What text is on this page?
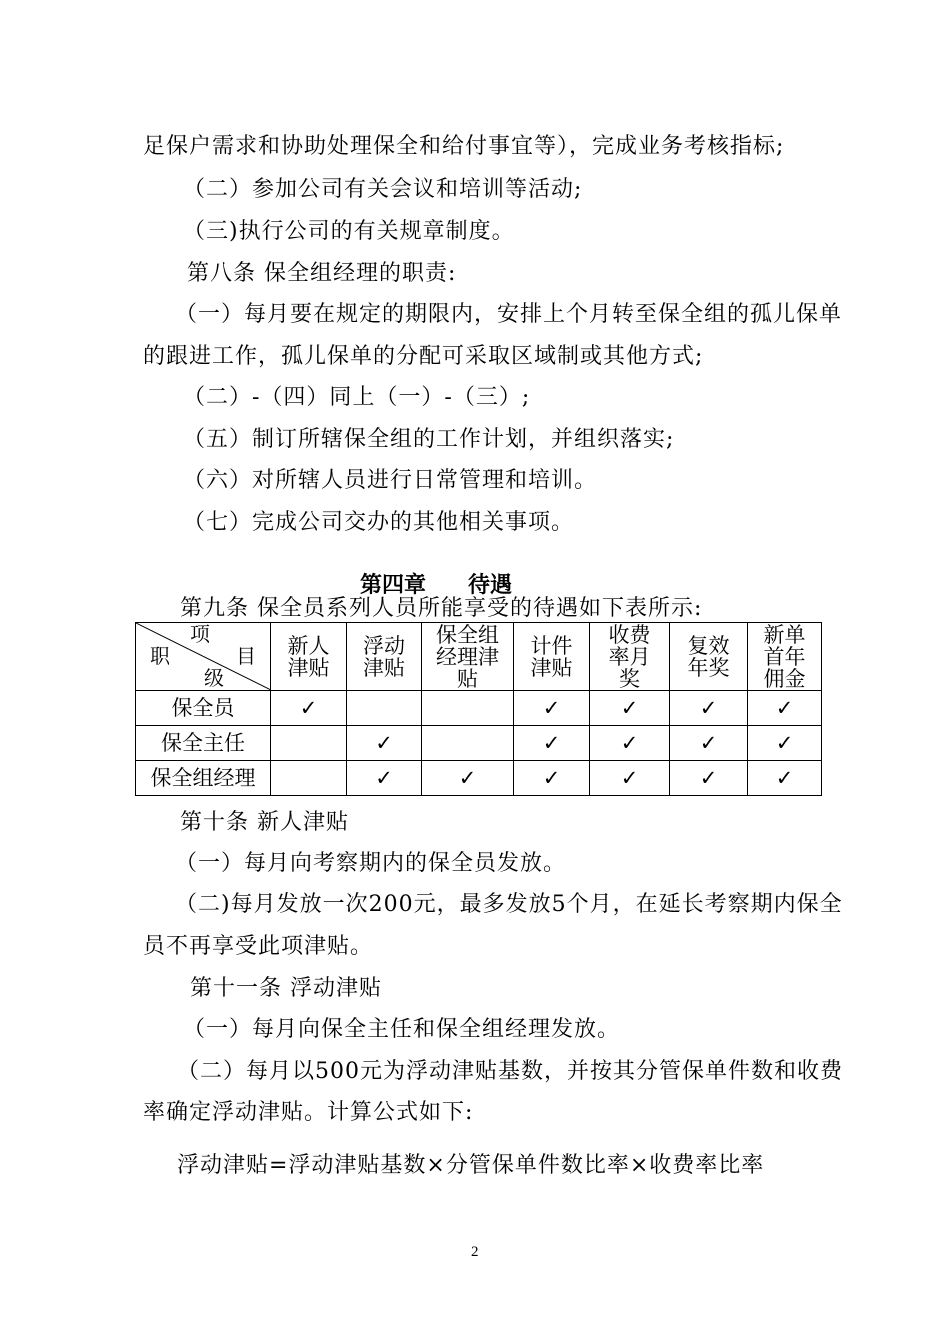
足保户需求和协助处理保全和给付事宜等），完成业务考核指标;
（二）参加公司有关会议和培训等活动;
（三)执行公司的有关规章制度。
第八条 保全组经理的职责:
（一）每月要在规定的期限内，安排上个月转至保全组的孤儿保单
的跟进工作，孤儿保单的分配可采取区域制或其他方式;
（二）-（四）同上（一）-（三）;
（五）制订所辖保全组的工作计划，并组织落实;
（六）对所辖人员进行日常管理和培训。
（七）完成公司交办的其他相关事项。
第四章 待遇
第九条 保全员系列人员所能享受的待遇如下表所示:
项
目
职
级	新人津贴	浮动津贴	保全组经理津贴	计件津贴	收费率月奖	复效年奖	新单首年佣金
保全员	✓			✓	✓	✓	✓
保全主任		✓		✓	✓	✓	✓
保全组经理		✓	✓	✓	✓	✓	✓
第十条 新人津贴
（一）每月向考察期内的保全员发放。
（二)每月发放一次200元，最多发放5个月，在延长考察期内保全
员不再享受此项津贴。
第十一条 浮动津贴
（一）每月向保全主任和保全组经理发放。
（二）每月以500元为浮动津贴基数，并按其分管保单件数和收费
率确定浮动津贴。计算公式如下:
浮动津贴=浮动津贴基数×分管保单件数比率×收费率比率
2
